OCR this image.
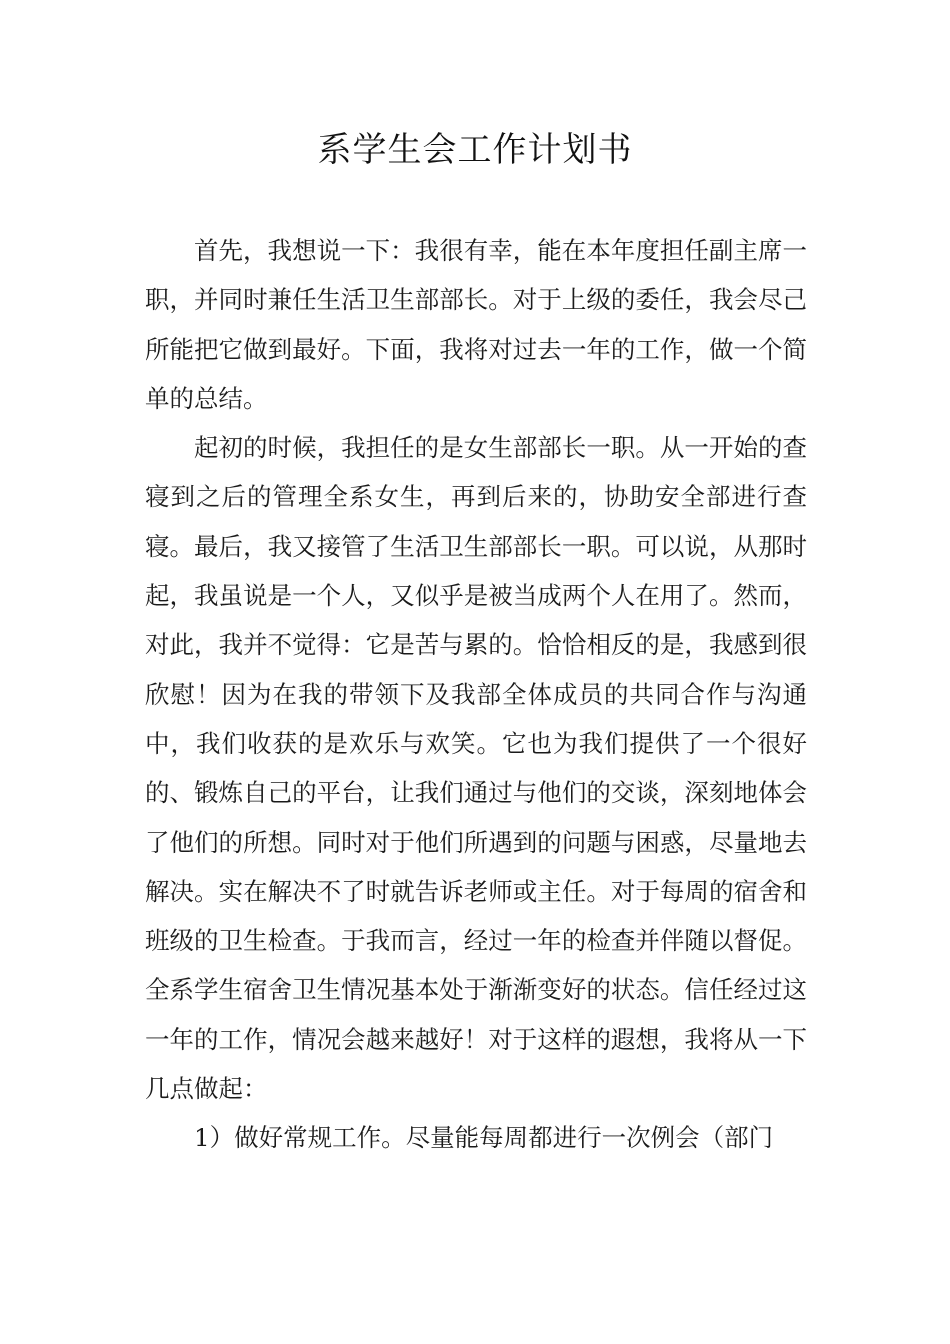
系学生会工作计划书

首先，我想说一下：我很有幸，能在本年度担任副主席一职，并同时兼任生活卫生部部长。对于上级的委任，我会尽己所能把它做到最好。下面，我将对过去一年的工作，做一个简单的总结。

起初的时候，我担任的是女生部部长一职。从一开始的查寝到之后的管理全系女生，再到后来的，协助安全部进行查寝。最后，我又接管了生活卫生部部长一职。可以说，从那时起，我虽说是一个人，又似乎是被当成两个人在用了。然而，对此，我并不觉得：它是苦与累的。恰恰相反的是，我感到很欣慰！因为在我的带领下及我部全体成员的共同合作与沟通中，我们收获的是欢乐与欢笑。它也为我们提供了一个很好的、锻炼自己的平台，让我们通过与他们的交谈，深刻地体会了他们的所想。同时对于他们所遇到的问题与困惑，尽量地去解决。实在解决不了时就告诉老师或主任。对于每周的宿舍和班级的卫生检查。于我而言，经过一年的检查并伴随以督促。全系学生宿舍卫生情况基本处于渐渐变好的状态。信任经过这一年的工作，情况会越来越好！对于这样的遐想，我将从一下几点做起：

1）做好常规工作。尽量能每周都进行一次例会（部门
